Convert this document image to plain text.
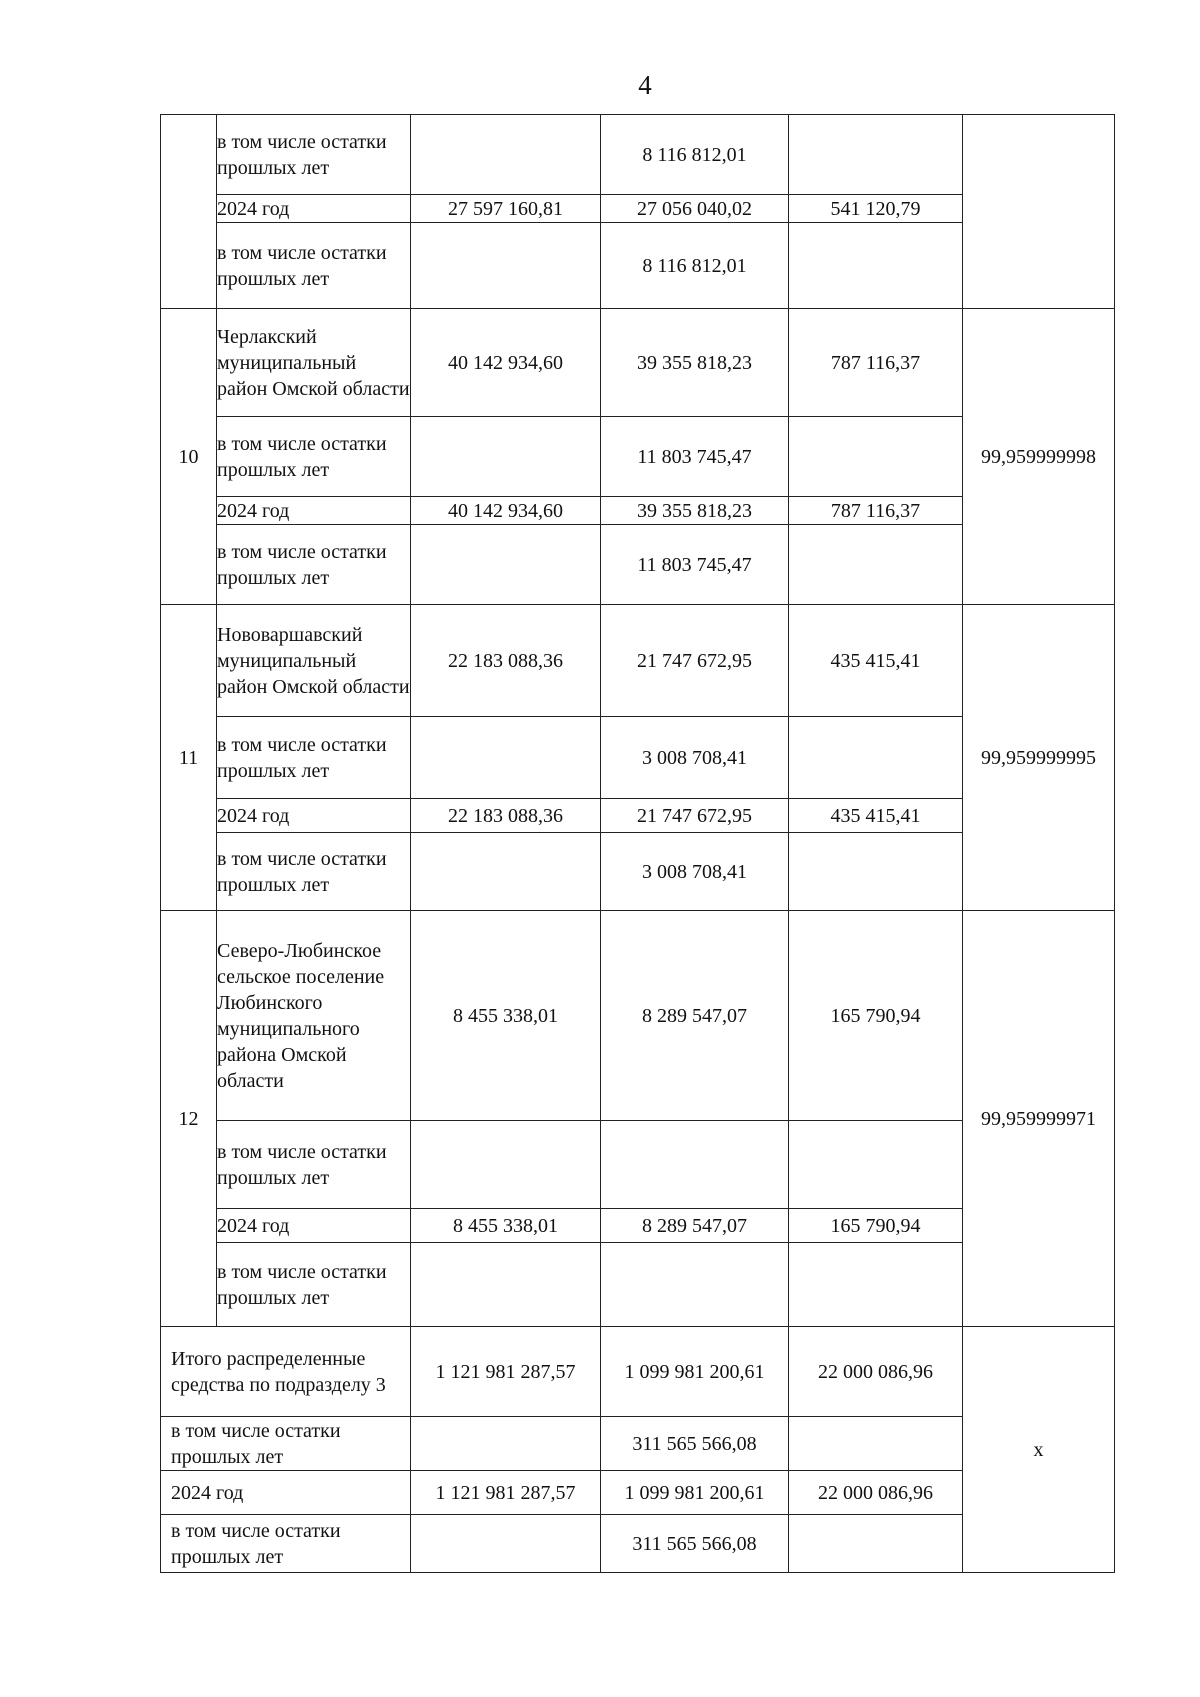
4
	в том числе остатки прошлых лет		8 116 812,01		
	2024 год	27 597 160,81	27 056 040,02	541 120,79	
	в том числе остатки прошлых лет		8 116 812,01		
10	Черлакский муниципальный район Омской области	40 142 934,60	39 355 818,23	787 116,37	99,959999998
	в том числе остатки прошлых лет		11 803 745,47		
	2024 год	40 142 934,60	39 355 818,23	787 116,37	
	в том числе остатки прошлых лет		11 803 745,47		
11	Нововаршавский муниципальный район Омской области	22 183 088,36	21 747 672,95	435 415,41	99,959999995
	в том числе остатки прошлых лет		3 008 708,41		
	2024 год	22 183 088,36	21 747 672,95	435 415,41	
	в том числе остатки прошлых лет		3 008 708,41		
12	Северо-Любинское сельское поселение Любинского муниципального района Омской области	8 455 338,01	8 289 547,07	165 790,94	99,959999971
	в том числе остатки прошлых лет				
	2024 год	8 455 338,01	8 289 547,07	165 790,94	
	в том числе остатки прошлых лет				
Итого распределенные средства по подразделу 3		1 121 981 287,57	1 099 981 200,61	22 000 086,96	x
в том числе остатки прошлых лет			311 565 566,08		
2024 год		1 121 981 287,57	1 099 981 200,61	22 000 086,96	
в том числе остатки прошлых лет			311 565 566,08		
